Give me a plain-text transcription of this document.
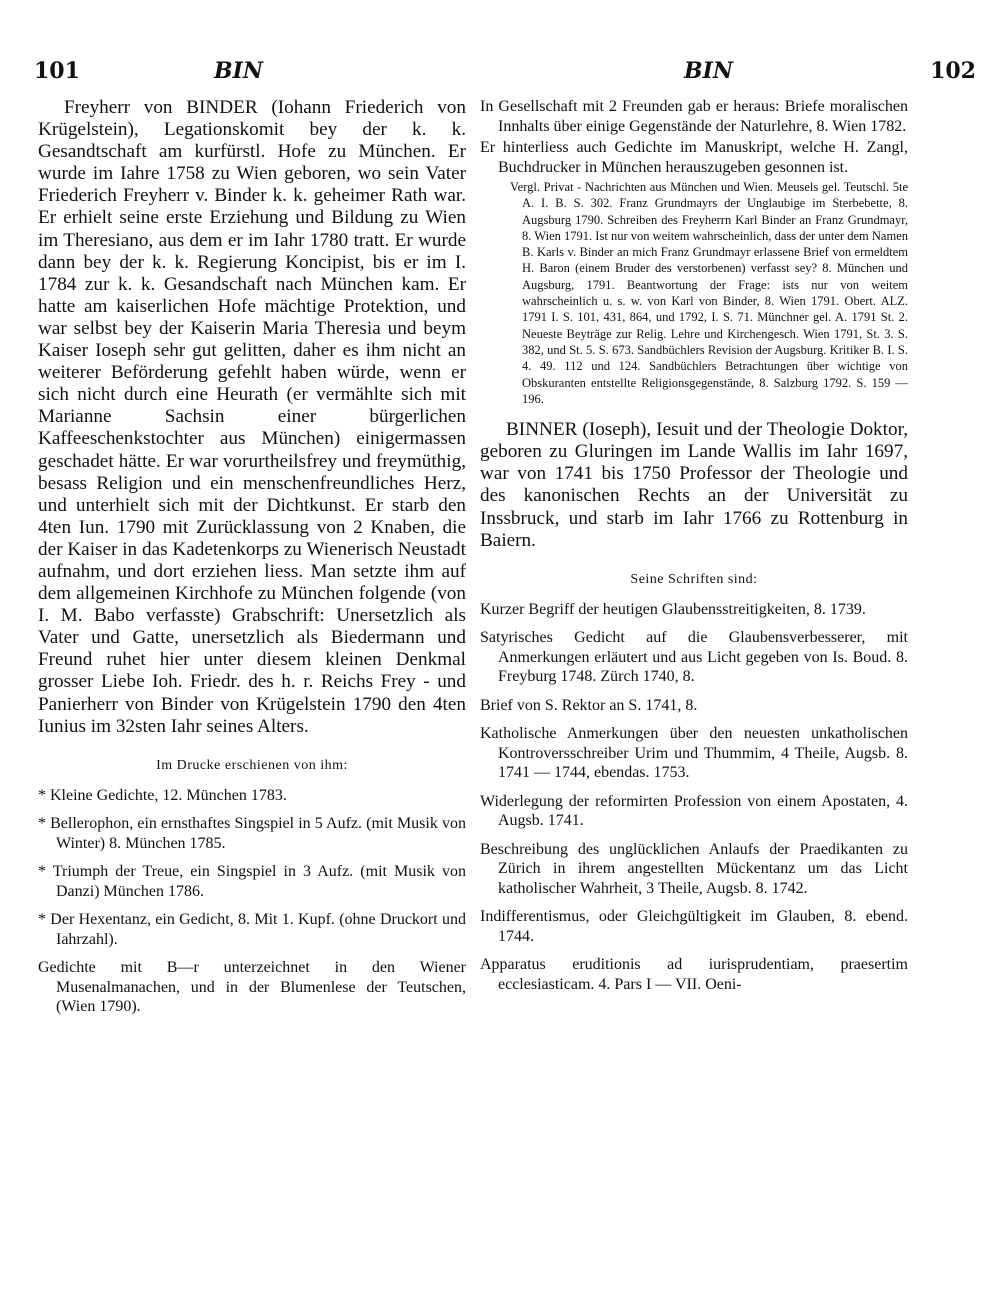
101	BIN	BIN	102

Freyherr von BINDER (Iohann Friederich von Krügelstein), Legationskomit bey der k. k. Gesandtschaft am kurfürstl. Hofe zu München. Er wurde im Iahre 1758 zu Wien geboren, wo sein Vater Friederich Freyherr v. Binder k. k. geheimer Rath war. Er erhielt seine erste Erziehung und Bildung zu Wien im Theresiano, aus dem er im Iahr 1780 tratt. Er wurde dann bey der k. k. Regierung Koncipist, bis er im I. 1784 zur k. k. Gesandschaft nach München kam. Er hatte am kaiserlichen Hofe mächtige Protektion, und war selbst bey der Kaiserin Maria Theresia und beym Kaiser Ioseph sehr gut gelitten, daher es ihm nicht an weiterer Beförderung gefehlt haben würde, wenn er sich nicht durch eine Heurath (er vermählte sich mit Marianne Sachsin einer bürgerlichen Kaffeeschenkstochter aus München) einigermassen geschadet hätte. Er war vorurtheilsfrey und freymüthig, besass Religion und ein menschenfreundliches Herz, und unterhielt sich mit der Dichtkunst. Er starb den 4ten Iun. 1790 mit Zurücklassung von 2 Knaben, die der Kaiser in das Kadetenkorps zu Wienerisch Neustadt aufnahm, und dort erziehen liess. Man setzte ihm auf dem allgemeinen Kirchhofe zu München folgende (von I. M. Babo verfasste) Grabschrift: Unersetzlich als Vater und Gatte, unersetzlich als Biedermann und Freund ruhet hier unter diesem kleinen Denkmal grosser Liebe Ioh. Friedr. des h. r. Reichs Frey - und Panierherr von Binder von Krügelstein 1790 den 4ten Iunius im 32sten Iahr seines Alters.

Im Drucke erschienen von ihm:

* Kleine Gedichte, 12. München 1783.

* Bellerophon, ein ernsthaftes Singspiel in 5 Aufz. (mit Musik von Winter) 8. München 1785.

* Triumph der Treue, ein Singspiel in 3 Aufz. (mit Musik von Danzi) München 1786.

* Der Hexentanz, ein Gedicht, 8. Mit 1. Kupf. (ohne Druckort und Iahrzahl).

Gedichte mit B—r unterzeichnet in den Wiener Musenalmanachen, und in der Blumenlese der Teutschen, (Wien 1790).

In Gesellschaft mit 2 Freunden gab er heraus: Briefe moralischen Innhalts über einige Gegenstände der Naturlehre, 8. Wien 1782.

Er hinterliess auch Gedichte im Manuskript, welche H. Zangl, Buchdrucker in München herauszugeben gesonnen ist.

Vergl. Privat - Nachrichten aus München und Wien. Meusels gel. Teutschl. 5te A. I. B. S. 302. Franz Grundmayrs der Unglaubige im Sterbebette, 8. Augsburg 1790. Schreiben des Freyherrn Karl Binder an Franz Grundmayr, 8. Wien 1791. Ist nur von weitem wahrscheinlich, dass der unter dem Namen B. Karls v. Binder an mich Franz Grundmayr erlassene Brief von ermeldtem H. Baron (einem Bruder des verstorbenen) verfasst sey? 8. München und Augsburg, 1791. Beantwortung der Frage: ists nur von weitem wahrscheinlich u. s. w. von Karl von Binder, 8. Wien 1791. Obert. ALZ. 1791 I. S. 101, 431, 864, und 1792, I. S. 71. Münchner gel. A. 1791 St. 2. Neueste Beyträge zur Relig. Lehre und Kirchengesch. Wien 1791, St. 3. S. 382, und St. 5. S. 673. Sandbüchlers Revision der Augsburg. Kritiker B. I. S. 4. 49. 112 und 124. Sandbüchlers Betrachtungen über wichtige von Obskuranten entstellte Religionsgegenstände, 8. Salzburg 1792. S. 159 — 196.

BINNER (Ioseph), Iesuit und der Theologie Doktor, geboren zu Gluringen im Lande Wallis im Iahr 1697, war von 1741 bis 1750 Professor der Theologie und des kanonischen Rechts an der Universität zu Inssbruck, und starb im Iahr 1766 zu Rottenburg in Baiern.

Seine Schriften sind:

Kurzer Begriff der heutigen Glaubensstreitigkeiten, 8. 1739.

Satyrisches Gedicht auf die Glaubensverbesserer, mit Anmerkungen erläutert und aus Licht gegeben von Is. Boud. 8. Freyburg 1748. Zürch 1740, 8.

Brief von S. Rektor an S. 1741, 8.

Katholische Anmerkungen über den neuesten unkatholischen Kontroversschreiber Urim und Thummim, 4 Theile, Augsb. 8. 1741 — 1744, ebendas. 1753.

Widerlegung der reformirten Profession von einem Apostaten, 4. Augsb. 1741.

Beschreibung des unglücklichen Anlaufs der Praedikanten zu Zürich in ihrem angestellten Mückentanz um das Licht katholischer Wahrheit, 3 Theile, Augsb. 8. 1742.

Indifferentismus, oder Gleichgültigkeit im Glauben, 8. ebend. 1744.

Apparatus eruditionis ad iurisprudentiam, praesertim ecclesiasticam. 4. Pars I — VII. Oeni-
